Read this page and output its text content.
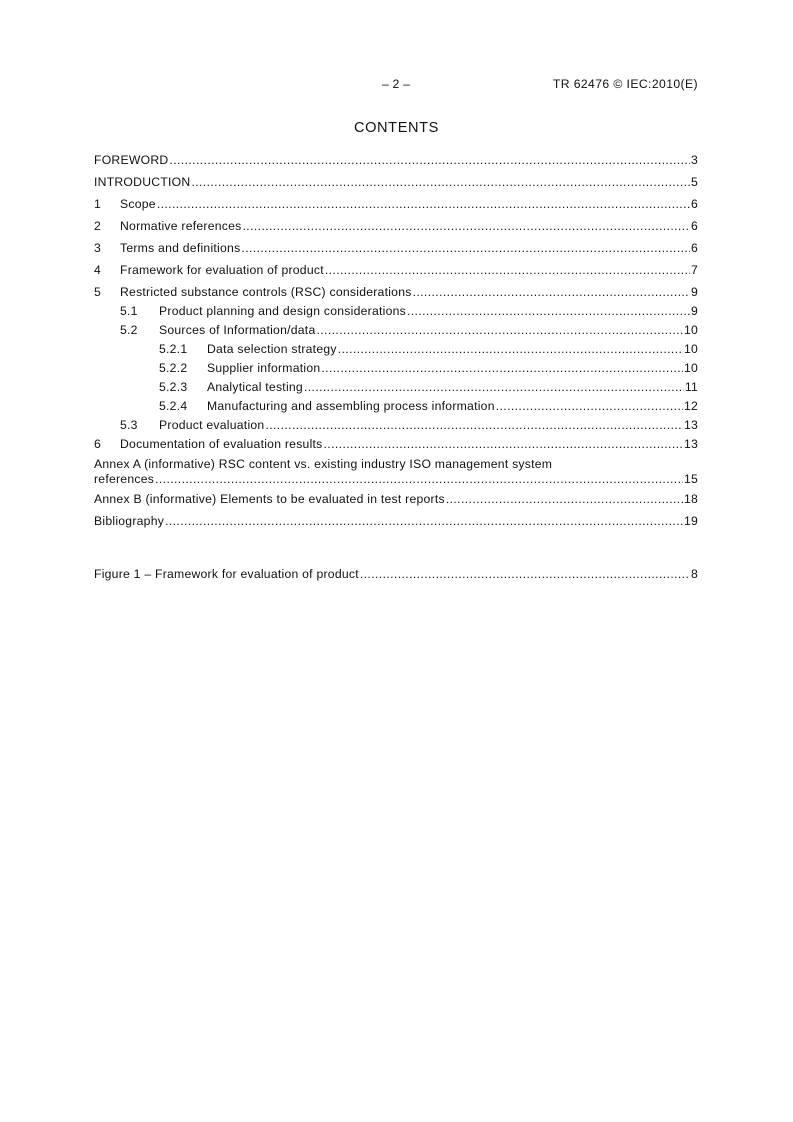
– 2 –	TR 62476 © IEC:2010(E)
CONTENTS
FOREWORD .....	3
INTRODUCTION .....	5
1	Scope .....	6
2	Normative references .....	6
3	Terms and definitions .....	6
4	Framework for evaluation of product .....	7
5	Restricted substance controls (RSC) considerations .....	9
5.1	Product planning and design considerations .....	9
5.2	Sources of Information/data .....	10
5.2.1	Data selection strategy .....	10
5.2.2	Supplier information .....	10
5.2.3	Analytical testing .....	11
5.2.4	Manufacturing and assembling process information .....	12
5.3	Product evaluation .....	13
6	Documentation of evaluation results .....	13
Annex A (informative) RSC content vs. existing industry ISO management system
references .....	15
Annex B (informative) Elements to be evaluated in test reports .....	18
Bibliography .....	19
Figure 1 – Framework for evaluation of product .....	8
